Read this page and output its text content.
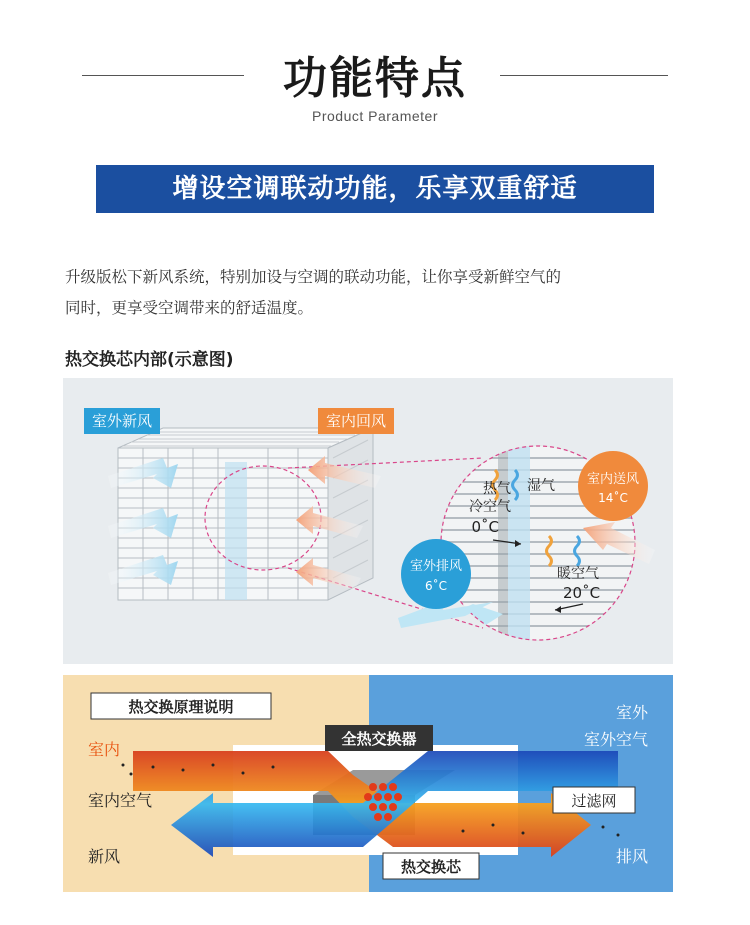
功能特点
Product Parameter
增设空调联动功能，乐享双重舒适
升级版松下新风系统，特别加设与空调的联动功能，让你享受新鲜空气的
同时，更享受空调带来的舒适温度。
热交换芯内部(示意图)
热气
冷空气
0˚C
湿气 室内送风
14˚C
室外排风
6˚C
暖空气
20˚C
室外新风	室内回风
全热交换器
热交换原理说明
过滤网
热交换芯
室内
室内空气
新风
室外
室外空气
排风
